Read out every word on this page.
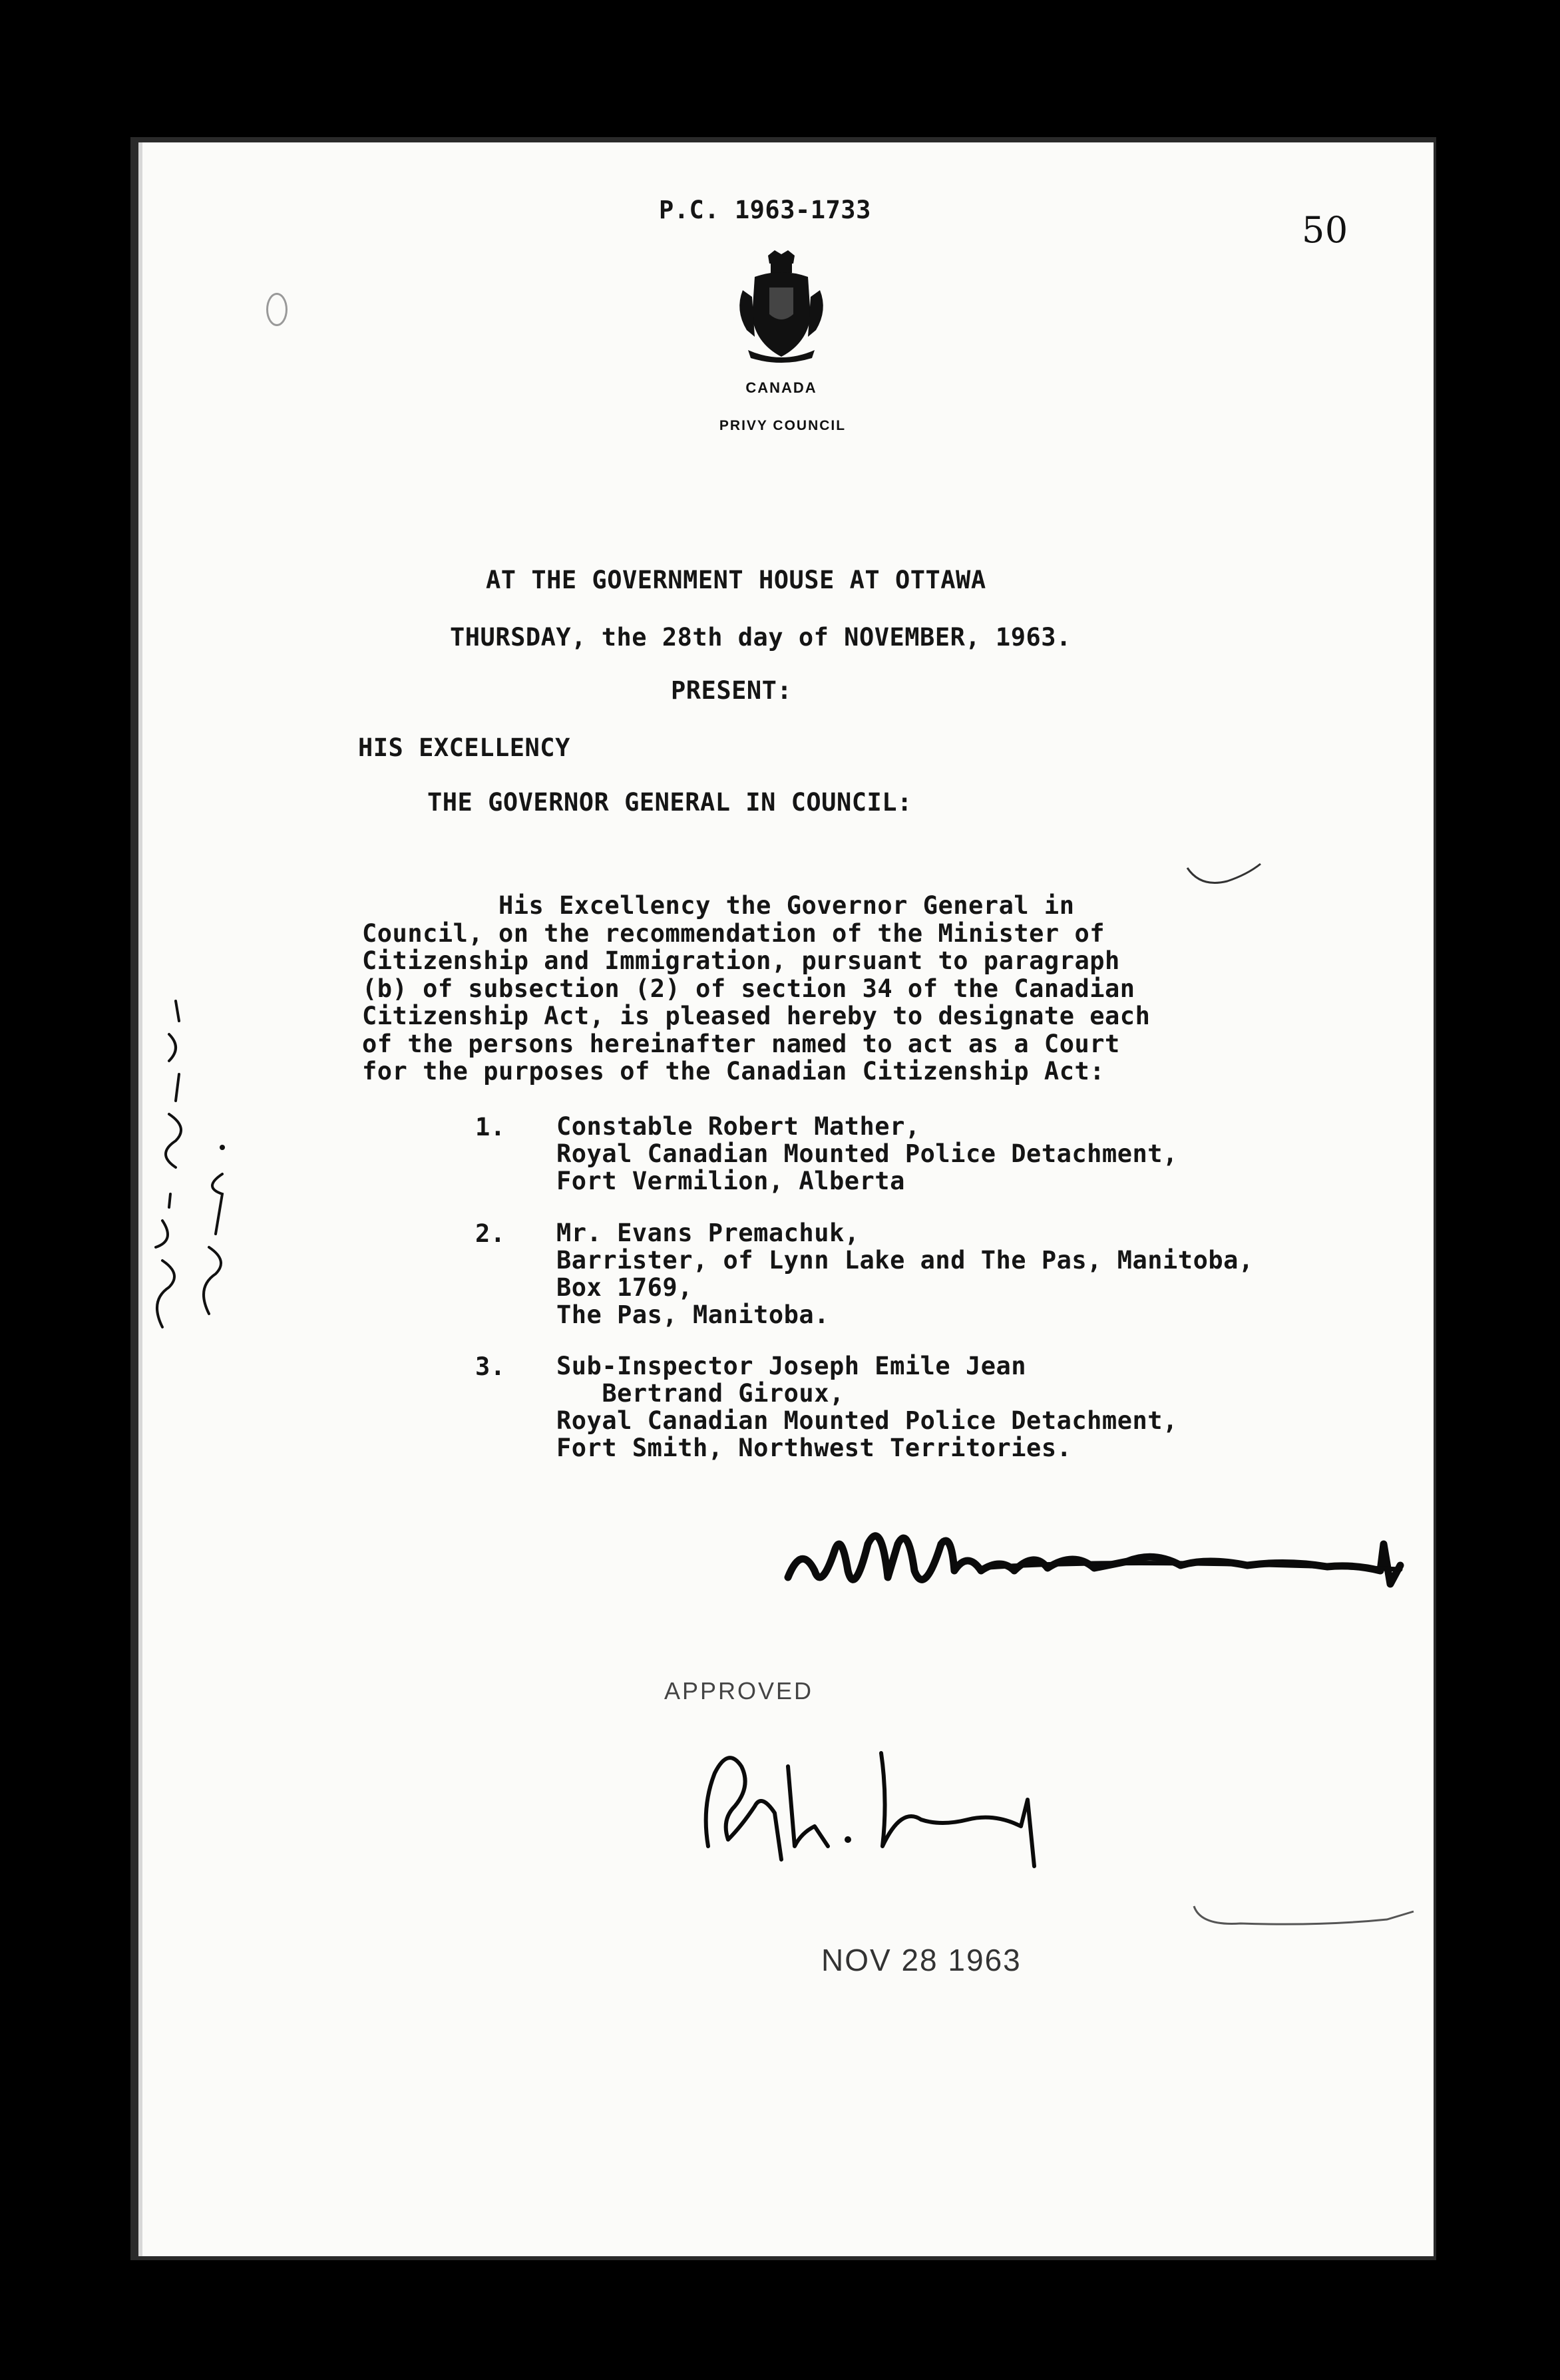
P.C. 1963-1733	50
CANADA
PRIVY COUNCIL
AT THE GOVERNMENT HOUSE AT OTTAWA
THURSDAY, the 28th day of NOVEMBER, 1963.
PRESENT:
HIS EXCELLENCY
THE GOVERNOR GENERAL IN COUNCIL:
His Excellency the Governor General in
Council, on the recommendation of the Minister of
Citizenship and Immigration, pursuant to paragraph
(b) of subsection (2) of section 34 of the Canadian
Citizenship Act, is pleased hereby to designate each
of the persons hereinafter named to act as a Court
for the purposes of the Canadian Citizenship Act:
1. Constable Robert Mather,
Royal Canadian Mounted Police Detachment,
Fort Vermilion, Alberta
2. Mr. Evans Premachuk,
Barrister, of Lynn Lake and The Pas, Manitoba,
Box 1769,
The Pas, Manitoba.
3. Sub-Inspector Joseph Emile Jean
Bertrand Giroux,
Royal Canadian Mounted Police Detachment,
Fort Smith, Northwest Territories.
APPROVED
NOV 28 1963
